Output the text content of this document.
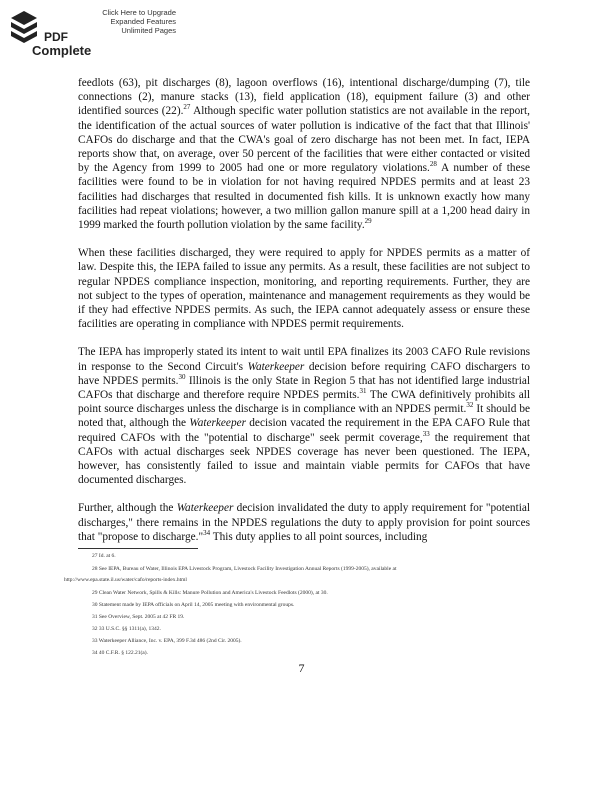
Click Here to Upgrade
Expanded Features
Unlimited Pages
PDF
Complete

feedlots (63), pit discharges (8), lagoon overflows (16), intentional discharge/dumping (7), tile connections (2), manure stacks (13), field application (18), equipment failure (3) and other identified sources (22).$^{27}$ Although specific water pollution statistics are not available in the report, the identification of the actual sources of water pollution is indicative of the fact that that Illinois' CAFOs do discharge and that the CWA's goal of zero discharge has not been met. In fact, IEPA reports show that, on average, over 50 percent of the facilities that were either contacted or visited by the Agency from 1999 to 2005 had one or more regulatory violations.$^{28}$ A number of these facilities were found to be in violation for not having required NPDES permits and at least 23 facilities had discharges that resulted in documented fish kills. It is unknown exactly how many facilities had repeat violations; however, a two million gallon manure spill at a 1,200 head dairy in 1999 marked the fourth pollution violation by the same facility.$^{29}$

When these facilities discharged, they were required to apply for NPDES permits as a matter of law. Despite this, the IEPA failed to issue any permits. As a result, these facilities are not subject to regular NPDES compliance inspection, monitoring, and reporting requirements. Further, they are not subject to the types of operation, maintenance and management requirements as they would be if they had effective NPDES permits. As such, the IEPA cannot adequately assess or ensure these facilities are operating in compliance with NPDES permit requirements.

The IEPA has improperly stated its intent to wait until EPA finalizes its 2003 CAFO Rule revisions in response to the Second Circuit's Waterkeeper decision before requiring CAFO dischargers to have NPDES permits.$^{30}$ Illinois is the only State in Region 5 that has not identified large industrial CAFOs that discharge and therefore require NPDES permits.$^{31}$ The CWA definitively prohibits all point source discharges unless the discharge is in compliance with an NPDES permit.$^{32}$ It should be noted that, although the Waterkeeper decision vacated the requirement in the EPA CAFO Rule that required CAFOs with the "potential to discharge" seek permit coverage,$^{33}$ the requirement that CAFOs with actual discharges seek NPDES coverage has never been questioned. The IEPA, however, has consistently failed to issue and maintain viable permits for CAFOs that have documented discharges.

Further, although the Waterkeeper decision invalidated the duty to apply requirement for "potential discharges," there remains in the NPDES regulations the duty to apply provision for point sources that "propose to discharge."$^{34}$ This duty applies to all point sources, including

27 Id. at 6.
28 See IEPA, Bureau of Water, Illinois EPA Livestock Program, Livestock Facility Investigation Annual Reports (1999-2005), available at
http://www.epa.state.il.us/water/cafo/reports-index.html
29 Clean Water Network, Spills & Kills: Manure Pollution and America's Livestock Feedlots (2000), at 30.
30 Statement made by IEPA officials on April 14, 2005 meeting with environmental groups.
31 See Overview, Sept. 2005 at 42 FR 19.
32 33 U.S.C. §§ 1311(a), 1342.
33 Waterkeeper Alliance, Inc. v. EPA, 399 F.3d 486 (2nd Cir. 2005).
34 40 C.F.R. § 122.21(a).
7
